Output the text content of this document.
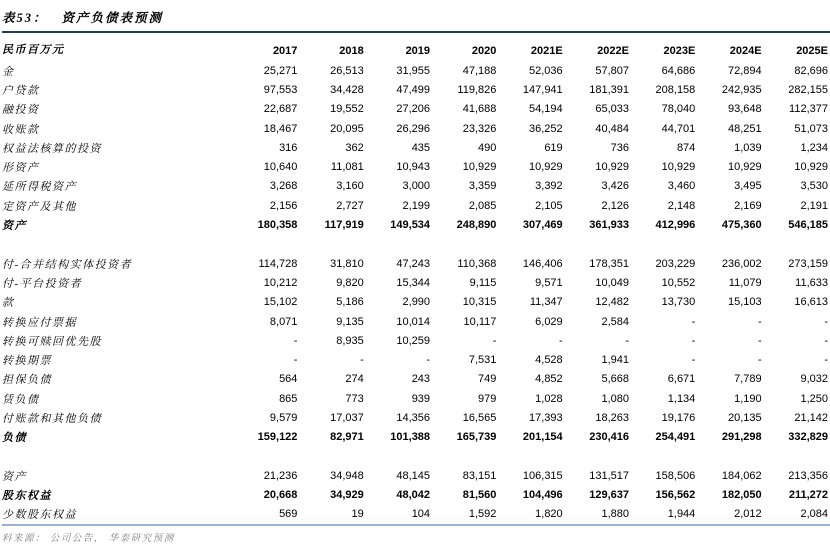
表53： 资产负债表预测
民币百万元	2017	2018	2019	2020	2021E	2022E	2023E	2024E	2025E
金	25,271	26,513	31,955	47,188	52,036	57,807	64,686	72,894	82,696
户贷款	97,553	34,428	47,499	119,826	147,941	181,391	208,158	242,935	282,155
融投资	22,687	19,552	27,206	41,688	54,194	65,033	78,040	93,648	112,377
收账款	18,467	20,095	26,296	23,326	36,252	40,484	44,701	48,251	51,073
权益法核算的投资	316	362	435	490	619	736	874	1,039	1,234
形资产	10,640	11,081	10,943	10,929	10,929	10,929	10,929	10,929	10,929
延所得税资产	3,268	3,160	3,000	3,359	3,392	3,426	3,460	3,495	3,530
定资产及其他	2,156	2,727	2,199	2,085	2,105	2,126	2,148	2,169	2,191
资产	180,358	117,919	149,534	248,890	307,469	361,933	412,996	475,360	546,185

付-合并结构实体投资者	114,728	31,810	47,243	110,368	146,406	178,351	203,229	236,002	273,159
付-平台投资者	10,212	9,820	15,344	9,115	9,571	10,049	10,552	11,079	11,633
款	15,102	5,186	2,990	10,315	11,347	12,482	13,730	15,103	16,613
转换应付票据	8,071	9,135	10,014	10,117	6,029	2,584	-	-	-
转换可赎回优先股	-	8,935	10,259	-	-	-	-	-	-
转换期票	-	-	-	7,531	4,528	1,941	-	-	-
担保负债	564	274	243	749	4,852	5,668	6,671	7,789	9,032
赁负债	865	773	939	979	1,028	1,080	1,134	1,190	1,250
付账款和其他负债	9,579	17,037	14,356	16,565	17,393	18,263	19,176	20,135	21,142
负债	159,122	82,971	101,388	165,739	201,154	230,416	254,491	291,298	332,829

资产	21,236	34,948	48,145	83,151	106,315	131,517	158,506	184,062	213,356
股东权益	20,668	34,929	48,042	81,560	104,496	129,637	156,562	182,050	211,272
少数股东权益	569	19	104	1,592	1,820	1,880	1,944	2,012	2,084
料来源： 公司公告， 华泰研究预测
